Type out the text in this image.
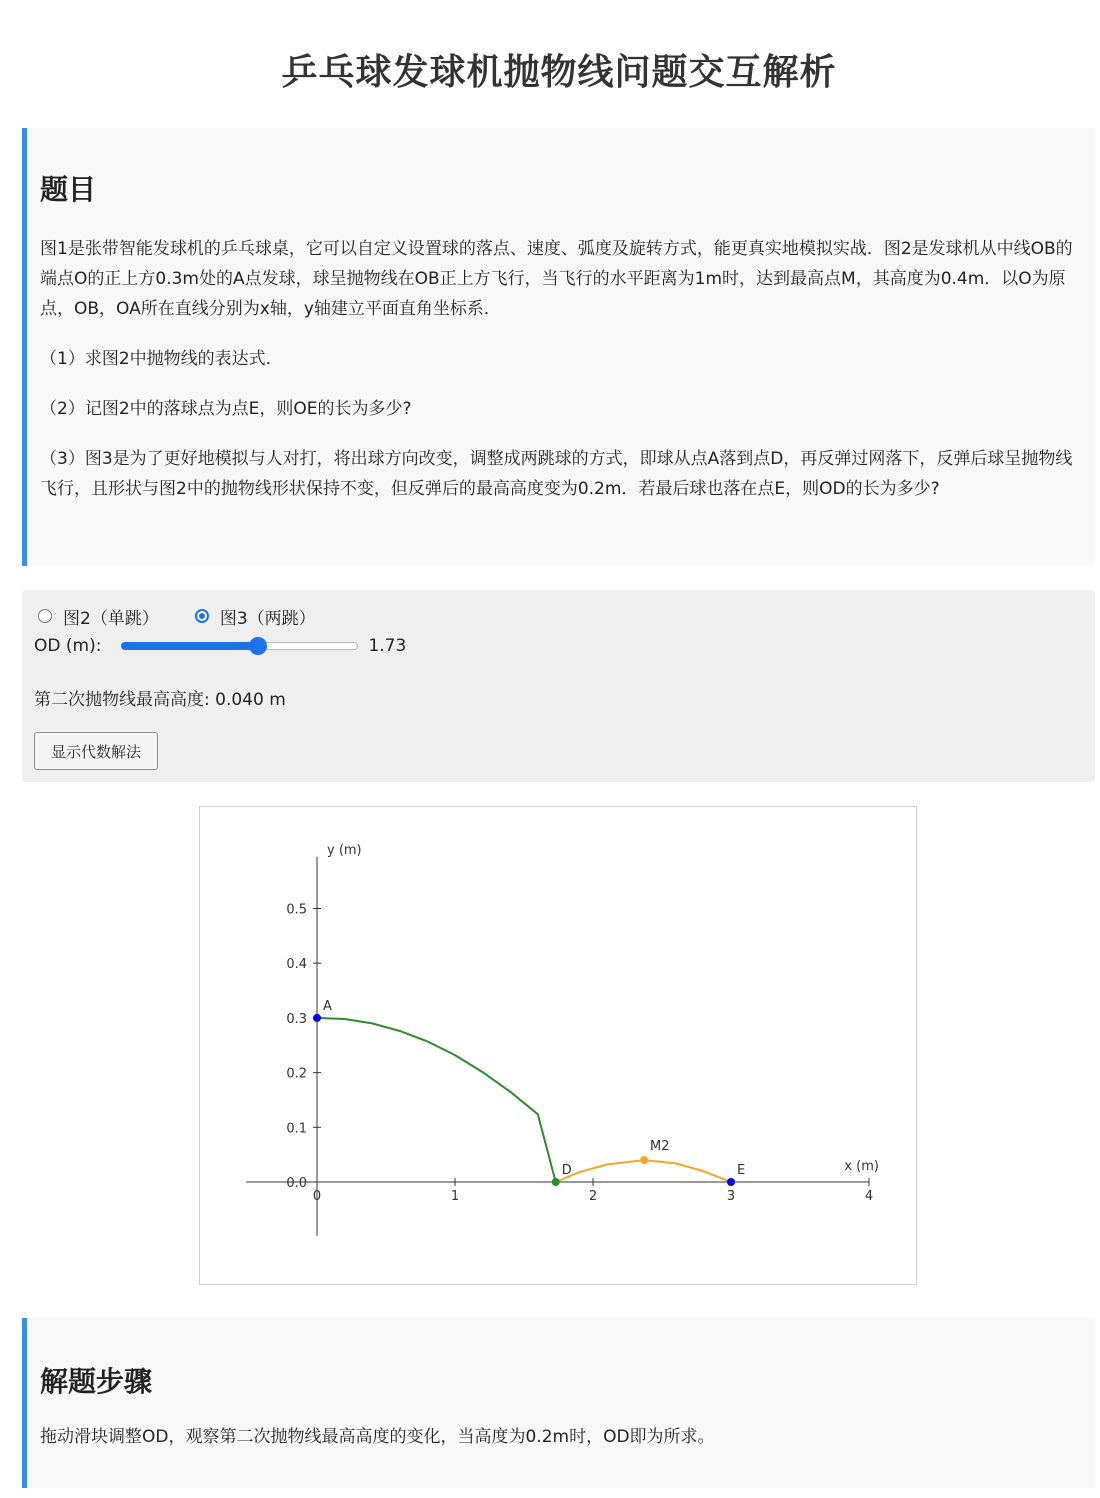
乒乓球发球机抛物线问题交互解析
题目

图1是张带智能发球机的乒乓球桌，它可以自定义设置球的落点、速度、弧度及旋转方式，能更真实地模拟实战．图2是发球机从中线OB的端点O的正上方0.3m处的A点发球，球呈抛物线在OB正上方飞行，当飞行的水平距离为1m时，达到最高点M，其高度为0.4m．以O为原点，OB，OA所在直线分别为x轴，y轴建立平面直角坐标系．

（1）求图2中抛物线的表达式．

（2）记图2中的落球点为点E，则OE的长为多少?

（3）图3是为了更好地模拟与人对打，将出球方向改变，调整成两跳球的方式，即球从点A落到点D，再反弹过网落下，反弹后球呈抛物线飞行，且形状与图2中的抛物线形状保持不变，但反弹后的最高高度变为0.2m．若最后球也落在点E，则OD的长为多少?

图2（单跳）	图3（两跳）
OD (m):	1.73
第二次抛物线最高高度: 0.040 m
显示代数解法
x (m)
y (m)
0	1	2	3	4
0.0
0.1
0.2
0.3
0.4
0.5
A
D
M2
E
解题步骤

拖动滑块调整OD，观察第二次抛物线最高高度的变化，当高度为0.2m时，OD即为所求。
